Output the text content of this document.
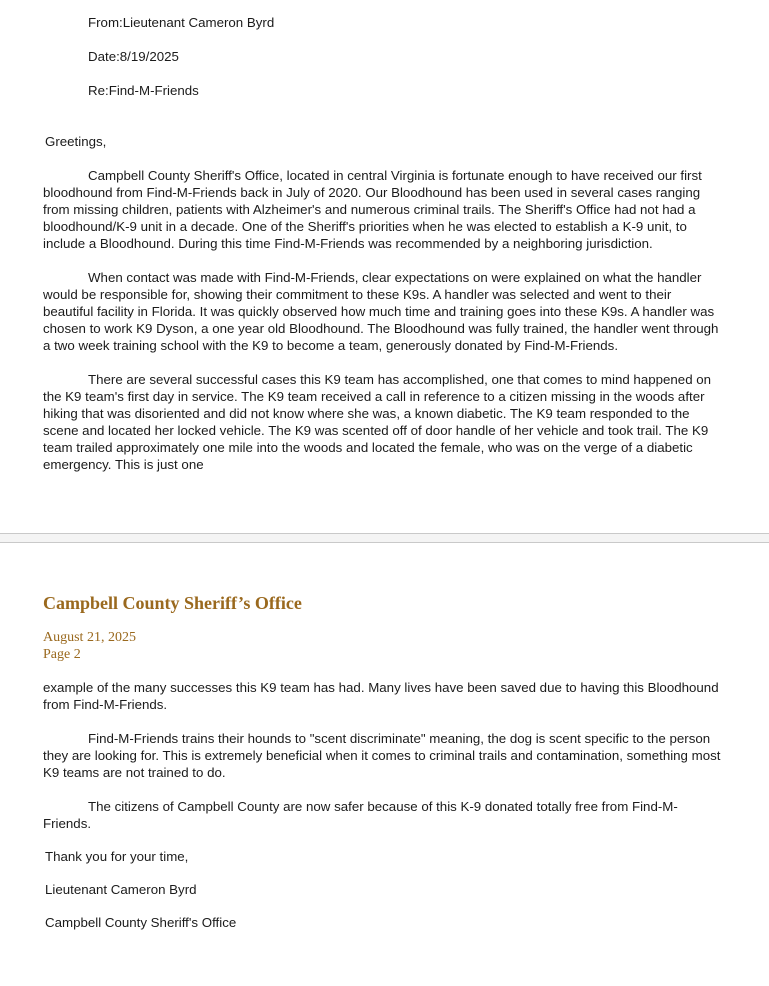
From:Lieutenant Cameron Byrd

Date:8/19/2025

Re:Find-M-Friends

Greetings,

Campbell County Sheriff's Office, located in central Virginia is fortunate enough to have received our first bloodhound from Find-M-Friends back in July of 2020. Our Bloodhound has been used in several cases ranging from missing children, patients with Alzheimer's and numerous criminal trails. The Sheriff's Office had not had a bloodhound/K-9 unit in a decade. One of the Sheriff's priorities when he was elected to establish a K-9 unit, to include a Bloodhound. During this time Find-M-Friends was recommended by a neighboring jurisdiction.

When contact was made with Find-M-Friends, clear expectations on were explained on what the handler would be responsible for, showing their commitment to these K9s. A handler was selected and went to their beautiful facility in Florida. It was quickly observed how much time and training goes into these K9s. A handler was chosen to work K9 Dyson, a one year old Bloodhound. The Bloodhound was fully trained, the handler went through a two week training school with the K9 to become a team, generously donated by Find-M-Friends.

There are several successful cases this K9 team has accomplished, one that comes to mind happened on the K9 team's first day in service. The K9 team received a call in reference to a citizen missing in the woods after hiking that was disoriented and did not know where she was, a known diabetic. The K9 team responded to the scene and located her locked vehicle. The K9 was scented off of door handle of her vehicle and took trail. The K9 team trailed approximately one mile into the woods and located the female, who was on the verge of a diabetic emergency. This is just one

Campbell County Sheriff’s Office
August 21, 2025
Page 2

example of the many successes this K9 team has had. Many lives have been saved due to having this Bloodhound from Find-M-Friends.

Find-M-Friends trains their hounds to "scent discriminate" meaning, the dog is scent specific to the person they are looking for. This is extremely beneficial when it comes to criminal trails and contamination, something most K9 teams are not trained to do.

The citizens of Campbell County are now safer because of this K-9 donated totally free from Find-M-Friends.

Thank you for your time,

Lieutenant Cameron Byrd

Campbell County Sheriff's Office
